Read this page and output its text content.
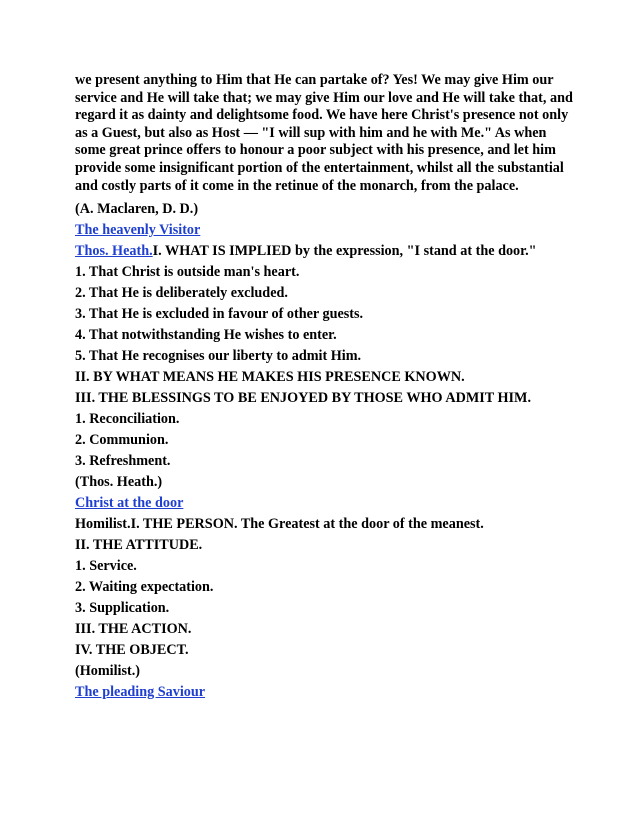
we present anything to Him that He can partake of? Yes! We may give Him our service and He will take that; we may give Him our love and He will take that, and regard it as dainty and delightsome food. We have here Christ's presence not only as a Guest, but also as Host — "I will sup with him and he with Me." As when some great prince offers to honour a poor subject with his presence, and let him provide some insignificant portion of the entertainment, whilst all the substantial and costly parts of it come in the retinue of the monarch, from the palace.

(A. Maclaren, D. D.)

The heavenly Visitor

Thos. Heath.I. WHAT IS IMPLIED by the expression, "I stand at the door."

1. That Christ is outside man's heart.

2. That He is deliberately excluded.

3. That He is excluded in favour of other guests.

4. That notwithstanding He wishes to enter.

5. That He recognises our liberty to admit Him.

II. BY WHAT MEANS HE MAKES HIS PRESENCE KNOWN.

III. THE BLESSINGS TO BE ENJOYED BY THOSE WHO ADMIT HIM.

1. Reconciliation.

2. Communion.

3. Refreshment.

(Thos. Heath.)

Christ at the door

Homilist.I. THE PERSON. The Greatest at the door of the meanest.

II. THE ATTITUDE.

1. Service.

2. Waiting expectation.

3. Supplication.

III. THE ACTION.

IV. THE OBJECT.

(Homilist.)

The pleading Saviour
